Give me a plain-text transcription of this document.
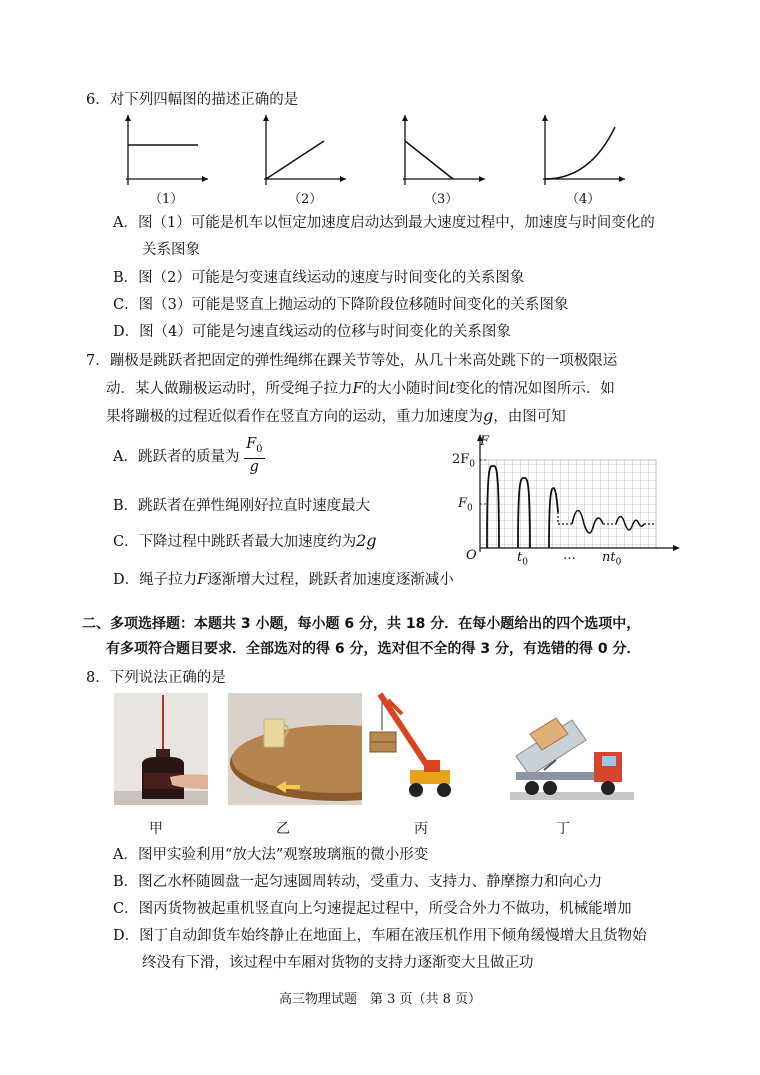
6．对下列四幅图的描述正确的是
（1）	（2）	（3）	（4）
A．图（1）可能是机车以恒定加速度启动达到最大速度过程中，加速度与时间变化的
关系图象
B．图（2）可能是匀变速直线运动的速度与时间变化的关系图象
C．图（3）可能是竖直上抛运动的下降阶段位移随时间变化的关系图象
D．图（4）可能是匀速直线运动的位移与时间变化的关系图象
7．蹦极是跳跃者把固定的弹性绳绑在踝关节等处，从几十米高处跳下的一项极限运
动．某人做蹦极运动时，所受绳子拉力F的大小随时间t变化的情况如图所示．如
果将蹦极的过程近似看作在竖直方向的运动，重力加速度为g，由图可知
A．跳跃者的质量为 $\frac{F_0}{g}$
B．跳跃者在弹性绳刚好拉直时速度最大
C．下降过程中跳跃者最大加速度约为2g
D．绳子拉力F逐渐增大过程，跳跃者加速度逐渐减小
F
$2F_0$
$F_0$
O	$t_0$	… $nt_0$
二、多项选择题：本题共 3 小题，每小题 6 分，共 18 分．在每小题给出的四个选项中，
有多项符合题目要求．全部选对的得 6 分，选对但不全的得 3 分，有选错的得 0 分．
8．下列说法正确的是
甲	乙	丙	丁
A．图甲实验利用“放大法”观察玻璃瓶的微小形变
B．图乙水杯随圆盘一起匀速圆周转动，受重力、支持力、静摩擦力和向心力
C．图丙货物被起重机竖直向上匀速提起过程中，所受合外力不做功，机械能增加
D．图丁自动卸货车始终静止在地面上，车厢在液压机作用下倾角缓慢增大且货物始
终没有下滑，该过程中车厢对货物的支持力逐渐变大且做正功
高三物理试题　第 3 页（共 8 页）
